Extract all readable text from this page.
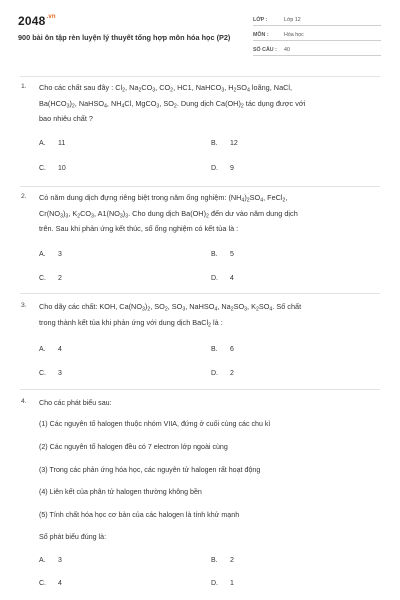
$2048^{.vn}$
900 bài ôn tập rèn luyện lý thuyết tổng hợp môn hóa học (P2)
LỚP :	Lớp 12
MÔN :	Hóa học
SỐ CÂU :	40
1. Cho các chất sau đây : $Cl_2$, $Na_2CO_3$, $CO_2$, HC1, NaHCO$_3$, $H_2SO_4$ loãng, NaCl,
$Ba(HCO_3)_2$, NaHSO$_4$, $NH_4Cl$, MgCO$_3$, $SO_2$. Dung dịch $Ca(OH)_2$ tác dụng được với
bao nhiêu chất ?
A. 11	B. 12
C. 10	D. 9
2. Có năm dung dịch đựng riêng biệt trong năm ống nghiệm: $(NH_4)_2SO_4$, FeCl$_2$,
$Cr(NO_3)_3$, $K_2CO_3$, $A1(NO_3)_3$. Cho dung dịch $Ba(OH)_2$ đến dư vào năm dung dịch
trên. Sau khi phản ứng kết thúc, số ống nghiệm có kết tủa là :
A. 3	B. 5
C. 2	D. 4
3. Cho dãy các chất: KOH, $Ca(NO_3)_2$, $SO_2$, $SO_3$, NaHSO$_4$, $Na_2SO_3$, $K_2SO_4$. Số chất
trong thành kết tủa khi phản ứng với dung dịch BaCl$_2$ là :
A. 4	B. 6
C. 3	D. 2
4. Cho các phát biểu sau:
(1) Các nguyên tố halogen thuộc nhóm VIIA, đứng ở cuối cùng các chu kì
(2) Các nguyên tố halogen đều có 7 electron lớp ngoài cùng
(3) Trong các phản ứng hóa học, các nguyên tử halogen rất hoạt động
(4) Liên kết của phân tử halogen thường không bền
(5) Tính chất hóa học cơ bản của các halogen là tính khử mạnh
Số phát biểu đúng là:
A. 3	B. 2
C. 4	D. 1
